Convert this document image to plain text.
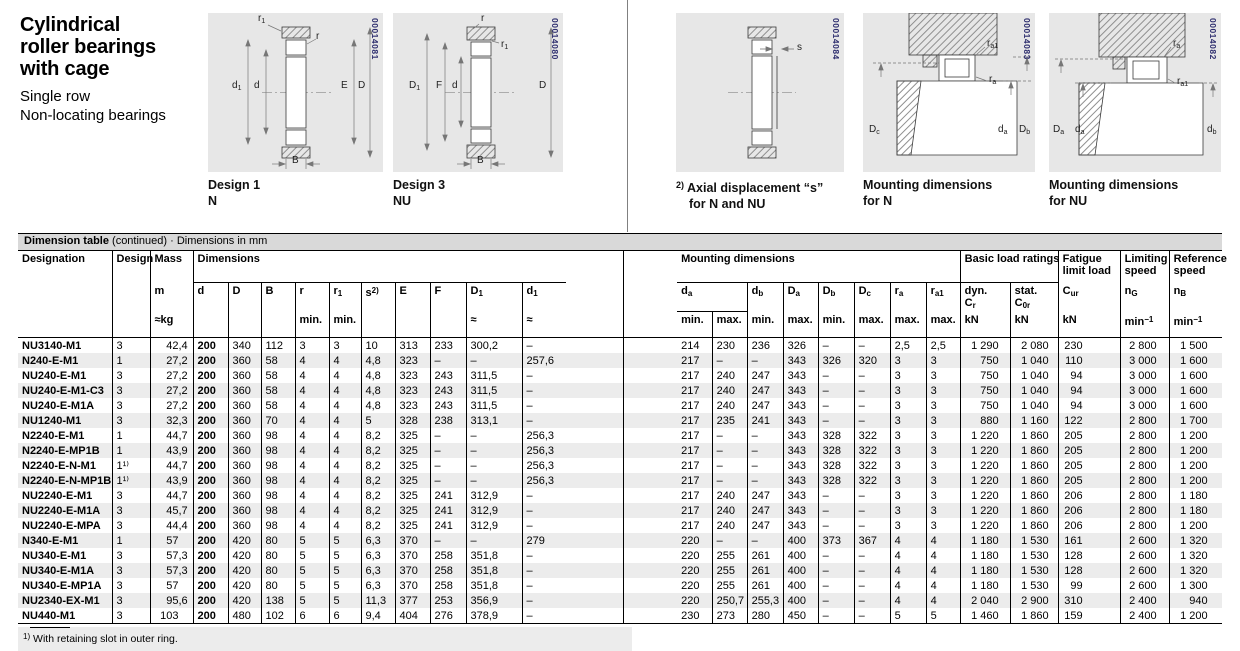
Cylindrical
roller bearings
with cage
Single row
Non-locating bearings
$r_1$
r
$d_1$ d	E D
B
00014081
Design 1
N
r
$r_1$
$D_1$ F d	D
B
00014080
Design 3
NU
s	00014084
$^{2)}$ Axial displacement “s”
for N and NU
$r_{a1}$
$r_a$
$D_c$	$d_a$ $D_b$
00014083
Mounting dimensions
for N
$r_a$
$r_{a1}$
$D_a$ $d_a$	$d_b$
00014082
Mounting dimensions
for NU
Dimension table (continued) · Dimensions in mm
Designation	Design	Mass	Dimensions											Mounting dimensions								Basic load ratings		Fatigue limit load	Limiting speed	Reference speed
		m	d	D	B	r	$r_1$	$s^{2)}$	E	F	$D_1$	$d_1$		$d_a$		$d_b$	$D_a$	$D_b$	$D_c$	$r_a$	$r_{a1}$	dyn.
$C_r$	stat.
$C_{0r}$	$C_{ur}$	$n_G$	$n_B$
		≈kg				min.	min.				≈	≈		min.	max.	min.	max.	min.	max.	max.	max.	kN	kN	kN	$\min^{-1}$	$\min^{-1}$
NU3140-M1	3	42,4	200	340	112	3	3	10	313	233	300,2	–		214	230	236	326	–	–	2,5	2,5	1 290	2 080	230	2 800	1 500
N240-E-M1	1	27,2	200	360	58	4	4	4,8	323	–	–	257,6		217	–	–	343	326	320	3	3	750	1 040	110	3 000	1 600
NU240-E-M1	3	27,2	200	360	58	4	4	4,8	323	243	311,5	–		217	240	247	343	–	–	3	3	750	1 040	94	3 000	1 600
NU240-E-M1-C3	3	27,2	200	360	58	4	4	4,8	323	243	311,5	–		217	240	247	343	–	–	3	3	750	1 040	94	3 000	1 600
NU240-E-M1A	3	27,2	200	360	58	4	4	4,8	323	243	311,5	–		217	240	247	343	–	–	3	3	750	1 040	94	3 000	1 600
NU1240-M1	3	32,3	200	360	70	4	4	5	328	238	313,1	–		217	235	241	343	–	–	3	3	880	1 160	122	2 800	1 700
N2240-E-M1	1	44,7	200	360	98	4	4	8,2	325	–	–	256,3		217	–	–	343	328	322	3	3	1 220	1 860	205	2 800	1 200
N2240-E-MP1B	1	43,9	200	360	98	4	4	8,2	325	–	–	256,3		217	–	–	343	328	322	3	3	1 220	1 860	205	2 800	1 200
N2240-E-N-M1	1¹⁾	44,7	200	360	98	4	4	8,2	325	–	–	256,3		217	–	–	343	328	322	3	3	1 220	1 860	205	2 800	1 200
N2240-E-N-MP1B	1¹⁾	43,9	200	360	98	4	4	8,2	325	–	–	256,3		217	–	–	343	328	322	3	3	1 220	1 860	205	2 800	1 200
NU2240-E-M1	3	44,7	200	360	98	4	4	8,2	325	241	312,9	–		217	240	247	343	–	–	3	3	1 220	1 860	206	2 800	1 180
NU2240-E-M1A	3	45,7	200	360	98	4	4	8,2	325	241	312,9	–		217	240	247	343	–	–	3	3	1 220	1 860	206	2 800	1 180
NU2240-E-MPA	3	44,4	200	360	98	4	4	8,2	325	241	312,9	–		217	240	247	343	–	–	3	3	1 220	1 860	206	2 800	1 200
N340-E-M1	1	57	200	420	80	5	5	6,3	370	–	–	279		220	–	–	400	373	367	4	4	1 180	1 530	161	2 600	1 320
NU340-E-M1	3	57,3	200	420	80	5	5	6,3	370	258	351,8	–		220	255	261	400	–	–	4	4	1 180	1 530	128	2 600	1 320
NU340-E-M1A	3	57,3	200	420	80	5	5	6,3	370	258	351,8	–		220	255	261	400	–	–	4	4	1 180	1 530	128	2 600	1 320
NU340-E-MP1A	3	57	200	420	80	5	5	6,3	370	258	351,8	–		220	255	261	400	–	–	4	4	1 180	1 530	99	2 600	1 300
NU2340-EX-M1	3	95,6	200	420	138	5	5	11,3	377	253	356,9	–		220	250,7	255,3	400	–	–	4	4	2 040	2 900	310	2 400	940
NU440-M1	3	103	200	480	102	6	6	9,4	404	276	378,9	–		230	273	280	450	–	–	5	5	1 460	1 860	159	2 400	1 200
$^{1)}$ With retaining slot in outer ring.
